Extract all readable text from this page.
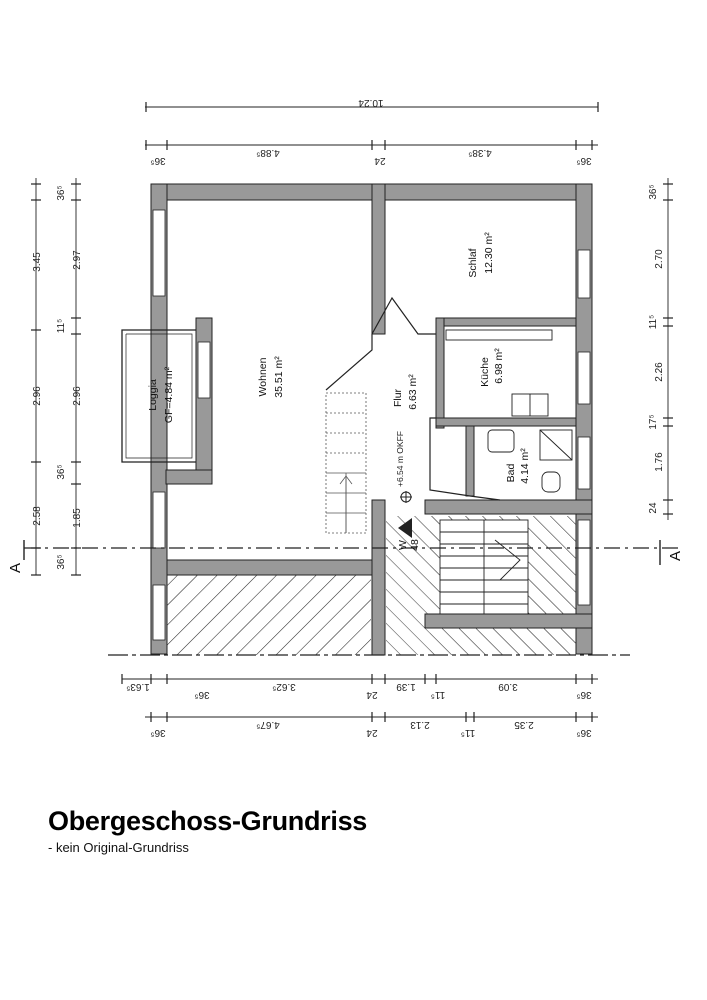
10.24
36⁵
4.88⁵
24
4.38⁵
36⁵
1.63⁵
36⁵
3.62⁵
24
1.39
11⁵
3.09
36⁵
36⁵
4.67⁵
24
2.13
11⁵
2.35
36⁵
36⁵
3.45
2.96
2.58
36⁵
2.97
11⁵
2.96
36⁵
1.85
36⁵
2.70
11⁵
2.26
17⁵
1.76
24
A
A
Wohnen 35.51 m²
Schlaf 12.30 m²
Küche 6.98 m²
Flur 6.63 m²
Bad 4.14 m²
Loggia GF=4.84 m²
+6.54 m OKFF
W 48
Obergeschoss-Grundriss
- kein Original-Grundriss
